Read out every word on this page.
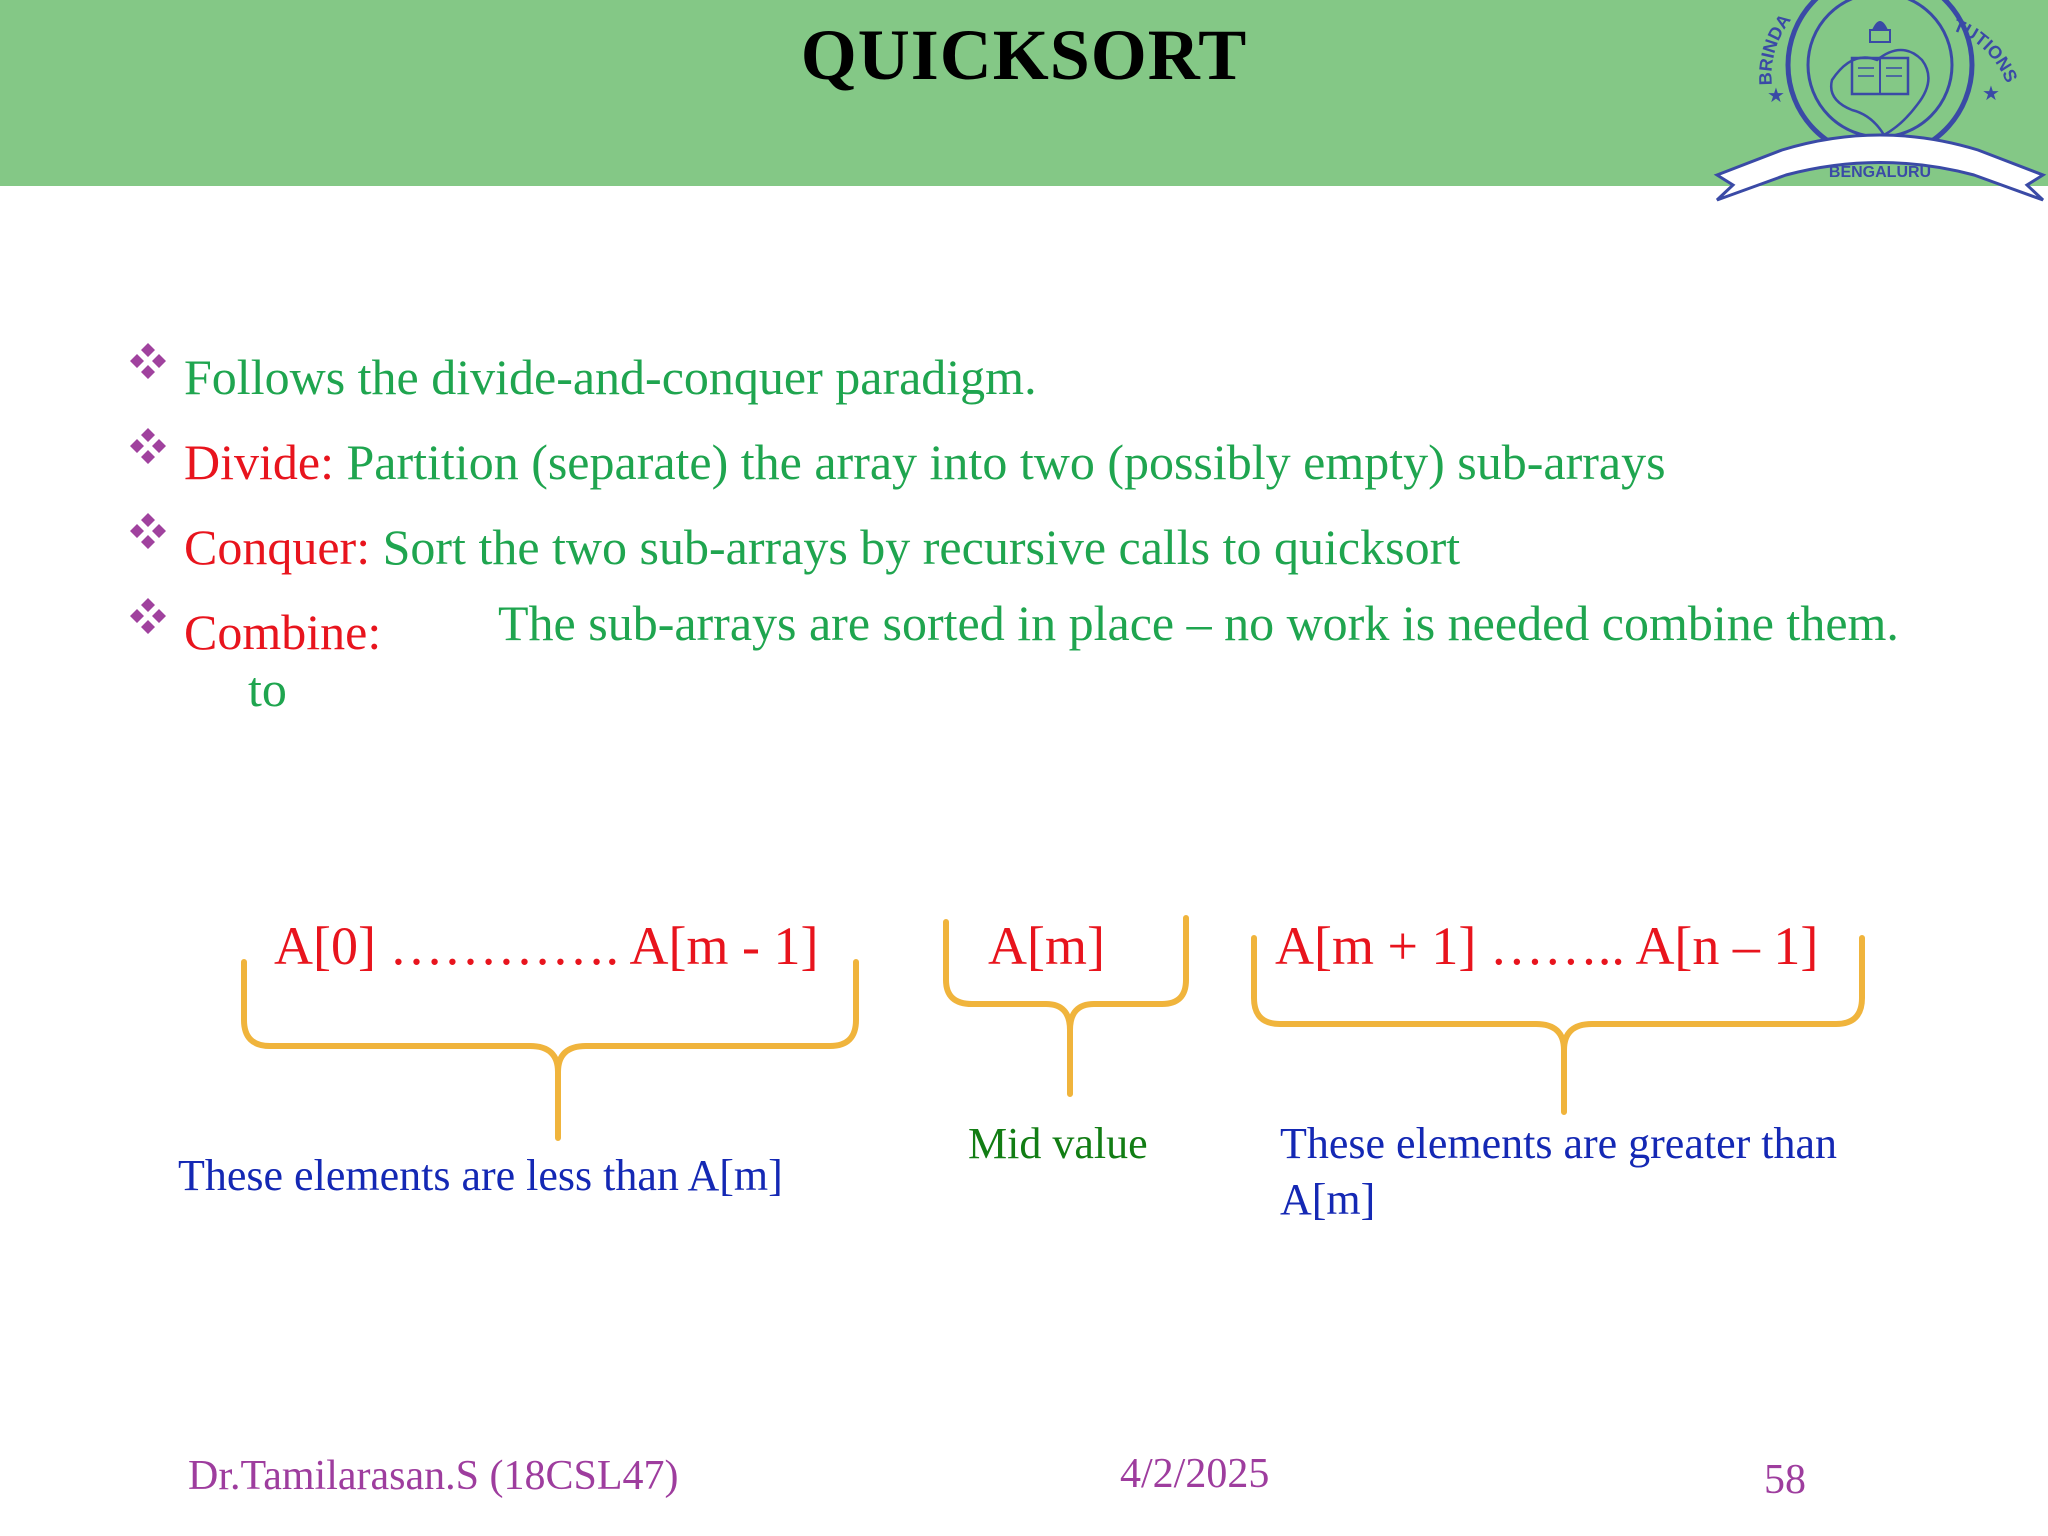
QUICKSORT	BRINDA	TUTIONS
★	★
BENGALURU
Follows the divide-and-conquer paradigm.
Divide: Partition (separate) the array into two (possibly empty) sub-arrays
Conquer: Sort the two sub-arrays by recursive calls to quicksort
Combine:
to
The sub-arrays are sorted in place – no work is needed combine them.
A[0] …………. A[m - 1]	A[m]	A[m + 1] …….. A[n – 1]
These elements are less than A[m]
Mid value	These elements are greater than A[m]
Dr.Tamilarasan.S (18CSL47)	4/2/2025	58
